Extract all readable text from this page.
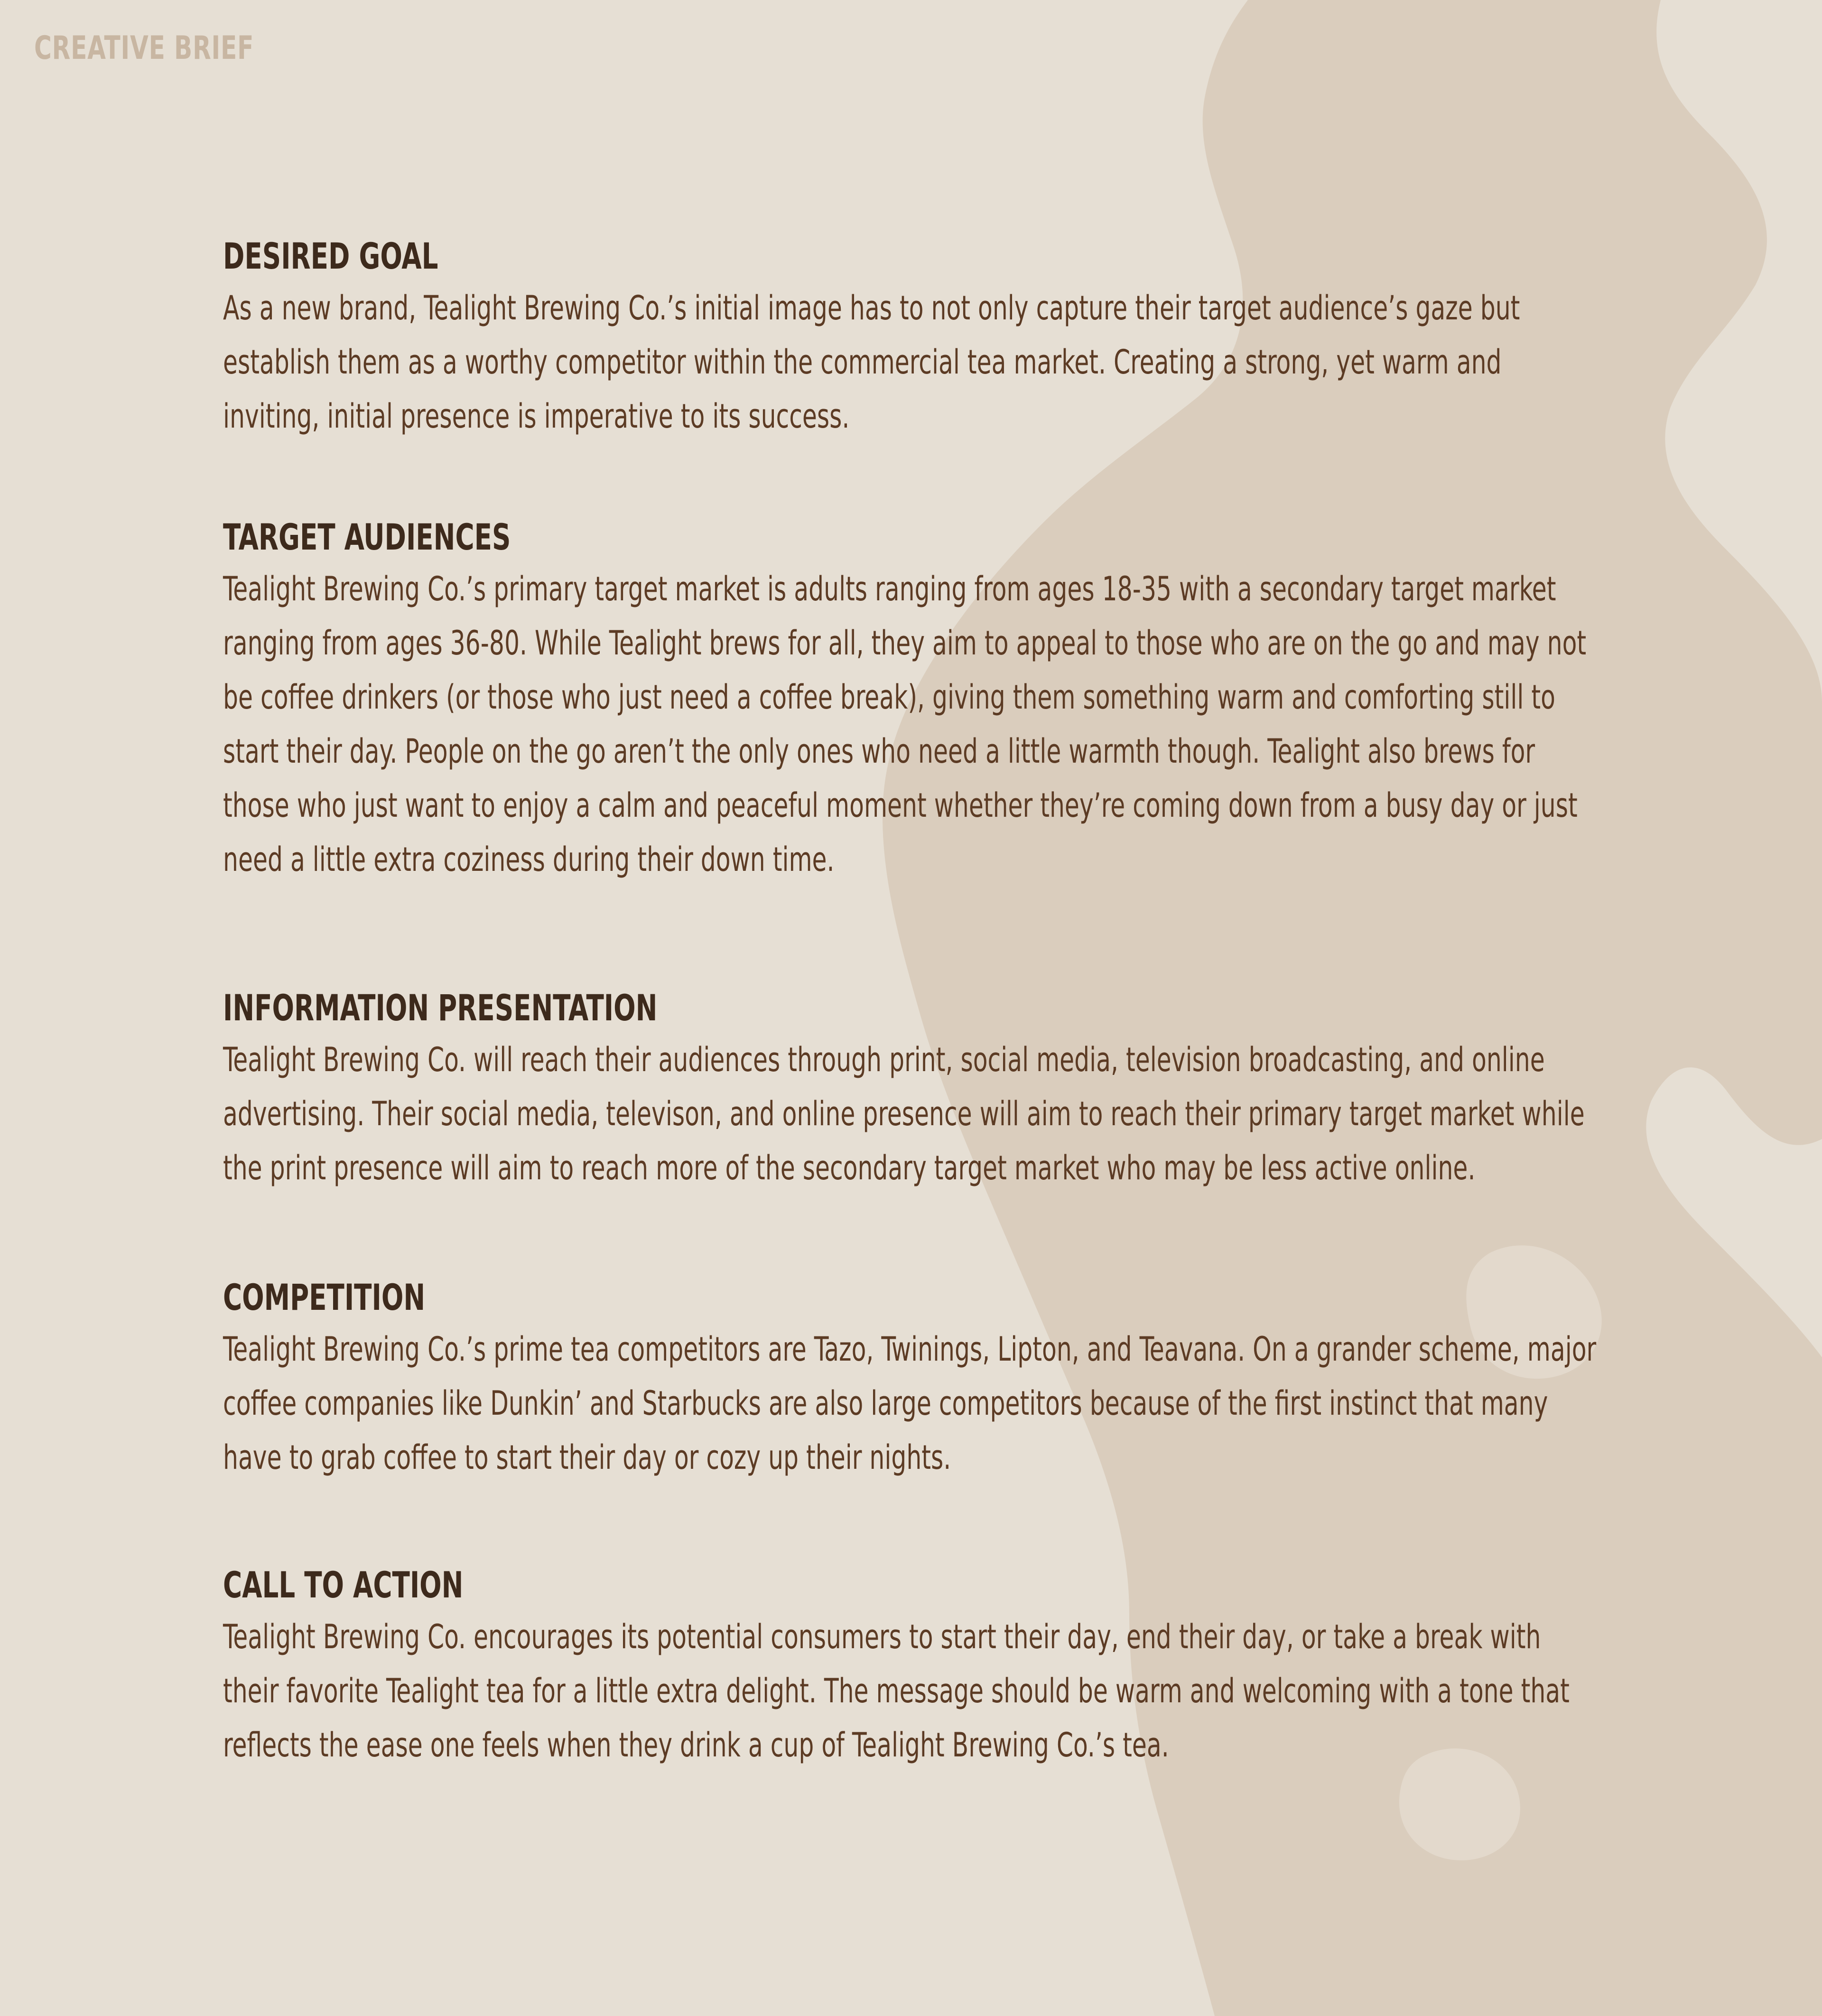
CREATIVE BRIEF
DESIRED GOAL

As a new brand, Tealight Brewing Co.’s initial image has to not only capture their target audience’s gaze but establish them as a worthy competitor within the commercial tea market. Creating a strong, yet warm and inviting, initial presence is imperative to its success.

TARGET AUDIENCES

Tealight Brewing Co.’s primary target market is adults ranging from ages 18-35 with a secondary target market ranging from ages 36-80. While Tealight brews for all, they aim to appeal to those who are on the go and may not be coffee drinkers (or those who just need a coffee break), giving them something warm and comforting still to start their day. People on the go aren’t the only ones who need a little warmth though. Tealight also brews for those who just want to enjoy a calm and peaceful moment whether they’re coming down from a busy day or just need a little extra coziness during their down time.

INFORMATION PRESENTATION

Tealight Brewing Co. will reach their audiences through print, social media, television broadcasting, and online advertising. Their social media, televison, and online presence will aim to reach their primary target market while the print presence will aim to reach more of the secondary target market who may be less active online.

COMPETITION

Tealight Brewing Co.’s prime tea competitors are Tazo, Twinings, Lipton, and Teavana. On a grander scheme, major coffee companies like Dunkin’ and Starbucks are also large competitors because of the first instinct that many have to grab coffee to start their day or cozy up their nights.

CALL TO ACTION

Tealight Brewing Co. encourages its potential consumers to start their day, end their day, or take a break with their favorite Tealight tea for a little extra delight. The message should be warm and welcoming with a tone that reflects the ease one feels when they drink a cup of Tealight Brewing Co.’s tea.
